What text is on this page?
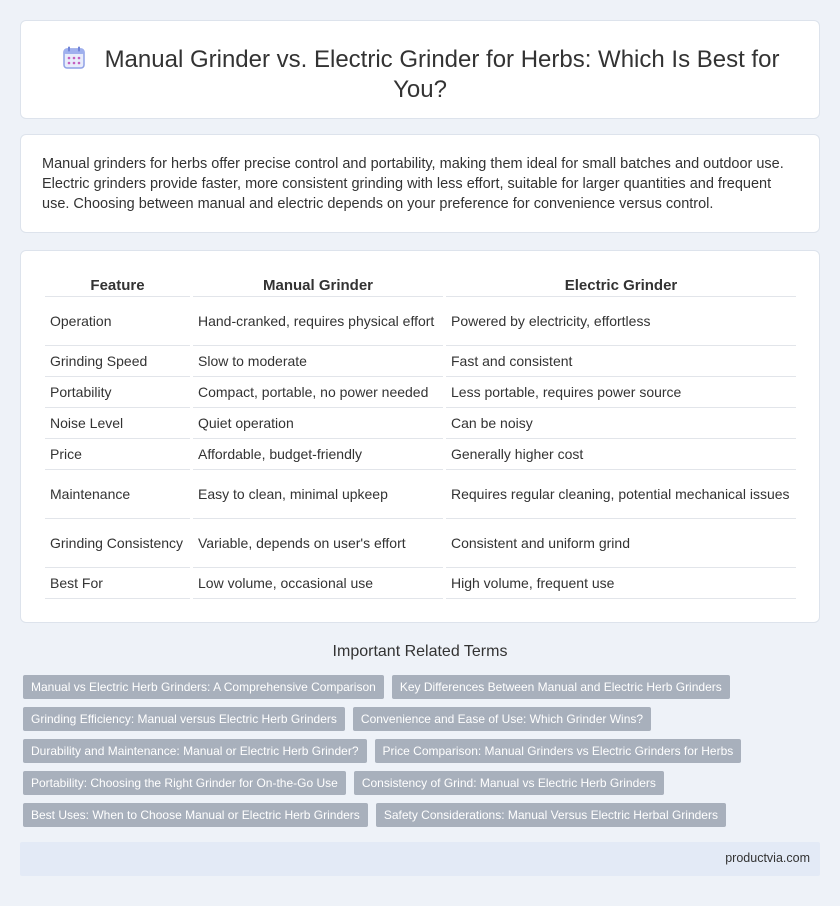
Manual Grinder vs. Electric Grinder for Herbs: Which Is Best for You?

Manual grinders for herbs offer precise control and portability, making them ideal for small batches and outdoor use. Electric grinders provide faster, more consistent grinding with less effort, suitable for larger quantities and frequent use. Choosing between manual and electric depends on your preference for convenience versus control.

Feature	Manual Grinder	Electric Grinder
Operation	Hand-cranked, requires physical effort	Powered by electricity, effortless
Grinding Speed	Slow to moderate	Fast and consistent
Portability	Compact, portable, no power needed	Less portable, requires power source
Noise Level	Quiet operation	Can be noisy
Price	Affordable, budget-friendly	Generally higher cost
Maintenance	Easy to clean, minimal upkeep	Requires regular cleaning, potential mechanical issues
Grinding Consistency	Variable, depends on user's effort	Consistent and uniform grind
Best For	Low volume, occasional use	High volume, frequent use
Important Related Terms
Manual vs Electric Herb Grinders: A Comprehensive Comparison	Key Differences Between Manual and Electric Herb Grinders
Grinding Efficiency: Manual versus Electric Herb Grinders	Convenience and Ease of Use: Which Grinder Wins?
Durability and Maintenance: Manual or Electric Herb Grinder?	Price Comparison: Manual Grinders vs Electric Grinders for Herbs
Portability: Choosing the Right Grinder for On-the-Go Use	Consistency of Grind: Manual vs Electric Herb Grinders
Best Uses: When to Choose Manual or Electric Herb Grinders	Safety Considerations: Manual Versus Electric Herbal Grinders
productvia.com
